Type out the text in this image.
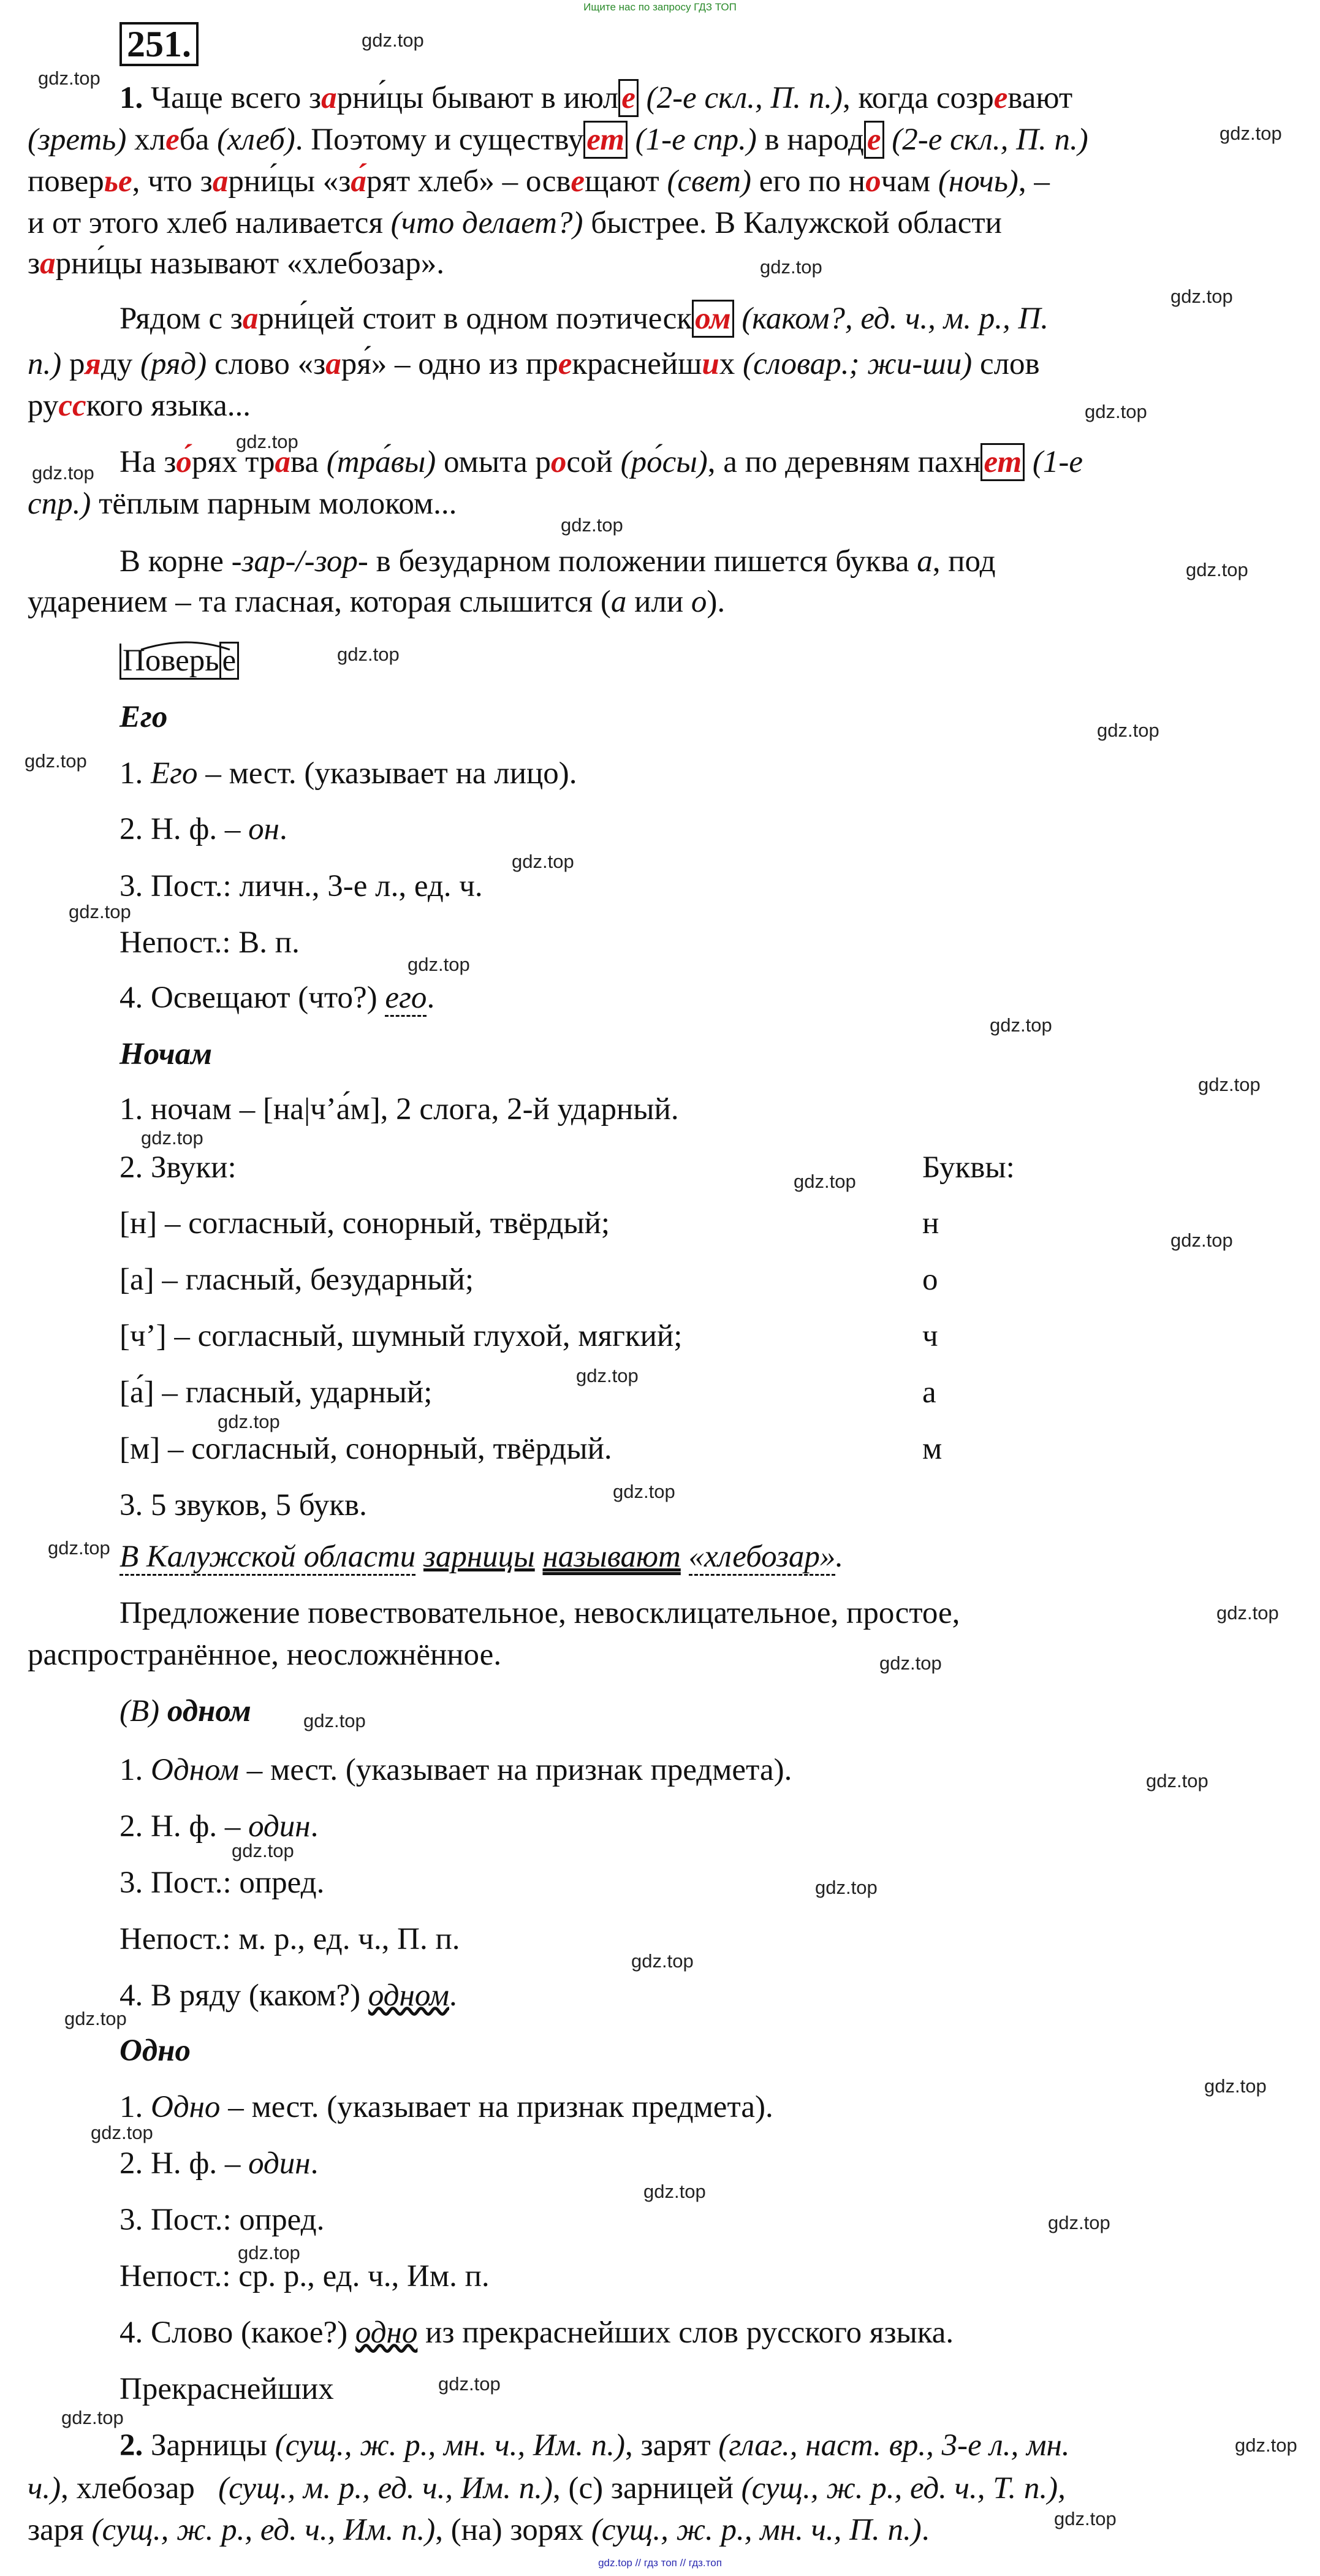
Ищите нас по запросу ГДЗ ТОП
251.
1. Чаще всего зарни́цы бывают в июле (2-е скл., П. п.), когда созревают
(зреть) хлеба (хлеб). Поэтому и существует (1-е спр.) в народе (2-е скл., П. п.)
поверье, что зарни́цы «за́рят хлеб» – освещают (свет) его по ночам (ночь), –
и от этого хлеб наливается (что делает?) быстрее. В Калужской области
зарни́цы называют «хлебозар».
Рядом с зарни́цей стоит в одном поэтическом (каком?, ед. ч., м. р., П.
п.) ряду (ряд) слово «заря́» – одно из прекраснейших (словар.; жи-ши) слов
русского языка...
На зо́рях трава (тра́вы) омыта росой (ро́сы), а по деревням пахнет (1-е
спр.) тёплым парным молоком...
В корне -зар-/-зор- в безударном положении пишется буква а, под
ударением – та гласная, которая слышится (а или о).
Поверье
Его
1. Его – мест. (указывает на лицо).
2. Н. ф. – он.
3. Пост.: личн., 3-е л., ед. ч.
Непост.: В. п.
4. Освещают (что?) его.
Ночам
1. ночам – [на|ч’а́м], 2 слога, 2-й ударный.
2. Звуки:	Буквы:
[н] – согласный, сонорный, твёрдый;	н
[а] – гласный, безударный;	о
[ч’] – согласный, шумный глухой, мягкий;	ч
[а́] – гласный, ударный;	а
[м] – согласный, сонорный, твёрдый.	м
3. 5 звуков, 5 букв.
В Калужской области зарницы называют «хлебозар».
Предложение повествовательное, невосклицательное, простое,
распространённое, неосложнённое.
(В) одном
1. Одном – мест. (указывает на признак предмета).
2. Н. ф. – один.
3. Пост.: опред.
Непост.: м. р., ед. ч., П. п.
4. В ряду (каком?) одном.
Одно
1. Одно – мест. (указывает на признак предмета).
2. Н. ф. – один.
3. Пост.: опред.
Непост.: ср. р., ед. ч., Им. п.
4. Слово (какое?) одно из прекраснейших слов русского языка.
Прекраснейших
2. Зарницы (сущ., ж. р., мн. ч., Им. п.), зарят (глаг., наст. вр., 3-е л., мн.
ч.), хлебозар   (сущ., м. р., ед. ч., Им. п.), (с) зарницей (сущ., ж. р., ед. ч., Т. п.),
заря (сущ., ж. р., ед. ч., Им. п.), (на) зорях (сущ., ж. р., мн. ч., П. п.).
gdz.top
gdz.top
gdz.top
gdz.top
gdz.top
gdz.top
gdz.top
gdz.top
gdz.top
gdz.top
gdz.top
gdz.top
gdz.top
gdz.top
gdz.top
gdz.top
gdz.top
gdz.top
gdz.top
gdz.top
gdz.top
gdz.top
gdz.top
gdz.top
gdz.top
gdz.top
gdz.top
gdz.top
gdz.top
gdz.top
gdz.top
gdz.top
gdz.top
gdz.top
gdz.top
gdz.top
gdz.top
gdz.top
gdz.top
gdz.top
gdz.top
gdz.top
gdz.top // гдз топ // гдз.топ
